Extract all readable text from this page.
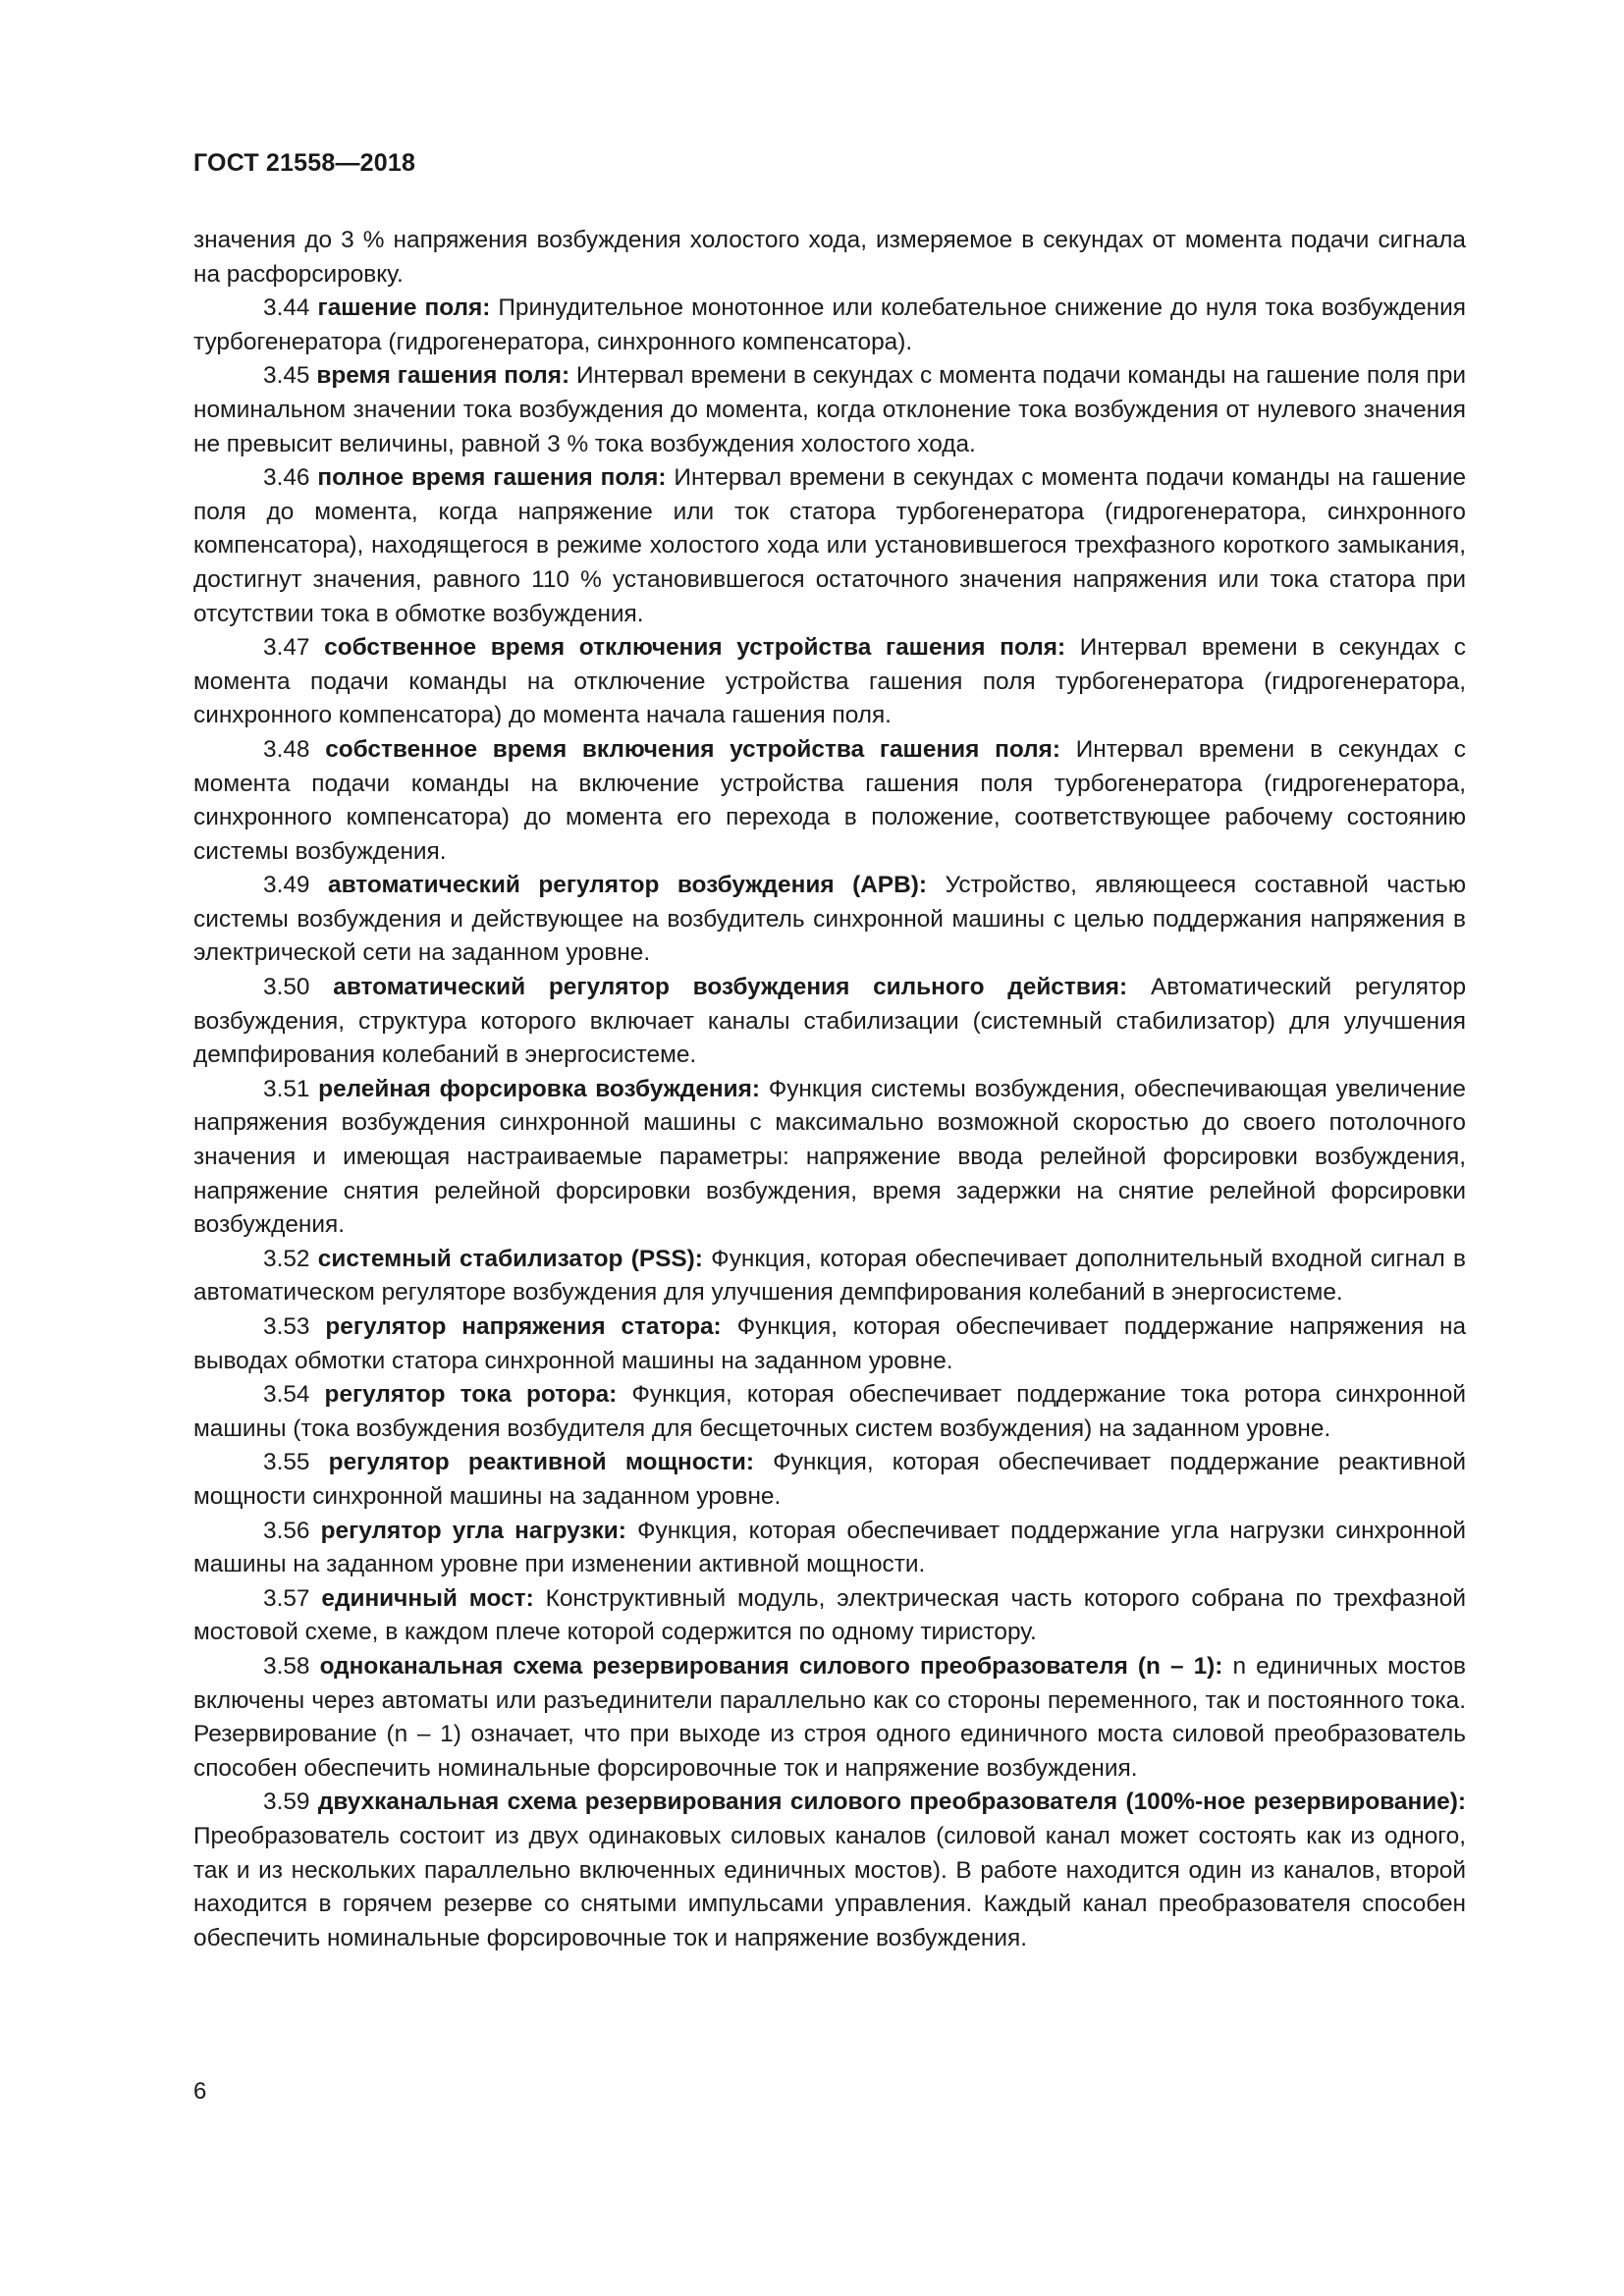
ГОСТ 21558—2018

значения до 3 % напряжения возбуждения холостого хода, измеряемое в секундах от момента подачи сигнала на расфорсировку.

3.44 гашение поля: Принудительное монотонное или колебательное снижение до нуля тока возбуждения турбогенератора (гидрогенератора, синхронного компенсатора).

3.45 время гашения поля: Интервал времени в секундах с момента подачи команды на гашение поля при номинальном значении тока возбуждения до момента, когда отклонение тока возбуждения от нулевого значения не превысит величины, равной 3 % тока возбуждения холостого хода.

3.46 полное время гашения поля: Интервал времени в секундах с момента подачи команды на гашение поля до момента, когда напряжение или ток статора турбогенератора (гидрогенератора, синхронного компенсатора), находящегося в режиме холостого хода или установившегося трехфазного короткого замыкания, достигнут значения, равного 110 % установившегося остаточного значения напряжения или тока статора при отсутствии тока в обмотке возбуждения.

3.47 собственное время отключения устройства гашения поля: Интервал времени в секундах с момента подачи команды на отключение устройства гашения поля турбогенератора (гидрогенератора, синхронного компенсатора) до момента начала гашения поля.

3.48 собственное время включения устройства гашения поля: Интервал времени в секундах с момента подачи команды на включение устройства гашения поля турбогенератора (гидрогенератора, синхронного компенсатора) до момента его перехода в положение, соответствующее рабочему состоянию системы возбуждения.

3.49 автоматический регулятор возбуждения (АРВ): Устройство, являющееся составной частью системы возбуждения и действующее на возбудитель синхронной машины с целью поддержания напряжения в электрической сети на заданном уровне.

3.50 автоматический регулятор возбуждения сильного действия: Автоматический регулятор возбуждения, структура которого включает каналы стабилизации (системный стабилизатор) для улучшения демпфирования колебаний в энергосистеме.

3.51 релейная форсировка возбуждения: Функция системы возбуждения, обеспечивающая увеличение напряжения возбуждения синхронной машины с максимально возможной скоростью до своего потолочного значения и имеющая настраиваемые параметры: напряжение ввода релейной форсировки возбуждения, напряжение снятия релейной форсировки возбуждения, время задержки на снятие релейной форсировки возбуждения.

3.52 системный стабилизатор (PSS): Функция, которая обеспечивает дополнительный входной сигнал в автоматическом регуляторе возбуждения для улучшения демпфирования колебаний в энергосистеме.

3.53 регулятор напряжения статора: Функция, которая обеспечивает поддержание напряжения на выводах обмотки статора синхронной машины на заданном уровне.

3.54 регулятор тока ротора: Функция, которая обеспечивает поддержание тока ротора синхронной машины (тока возбуждения возбудителя для бесщеточных систем возбуждения) на заданном уровне.

3.55 регулятор реактивной мощности: Функция, которая обеспечивает поддержание реактивной мощности синхронной машины на заданном уровне.

3.56 регулятор угла нагрузки: Функция, которая обеспечивает поддержание угла нагрузки синхронной машины на заданном уровне при изменении активной мощности.

3.57 единичный мост: Конструктивный модуль, электрическая часть которого собрана по трехфазной мостовой схеме, в каждом плече которой содержится по одному тиристору.

3.58 одноканальная схема резервирования силового преобразователя (n – 1): n единичных мостов включены через автоматы или разъединители параллельно как со стороны переменного, так и постоянного тока. Резервирование (n – 1) означает, что при выходе из строя одного единичного моста силовой преобразователь способен обеспечить номинальные форсировочные ток и напряжение возбуждения.

3.59 двухканальная схема резервирования силового преобразователя (100%-ное резервирование): Преобразователь состоит из двух одинаковых силовых каналов (силовой канал может состоять как из одного, так и из нескольких параллельно включенных единичных мостов). В работе находится один из каналов, второй находится в горячем резерве со снятыми импульсами управления. Каждый канал преобразователя способен обеспечить номинальные форсировочные ток и напряжение возбуждения.

6
